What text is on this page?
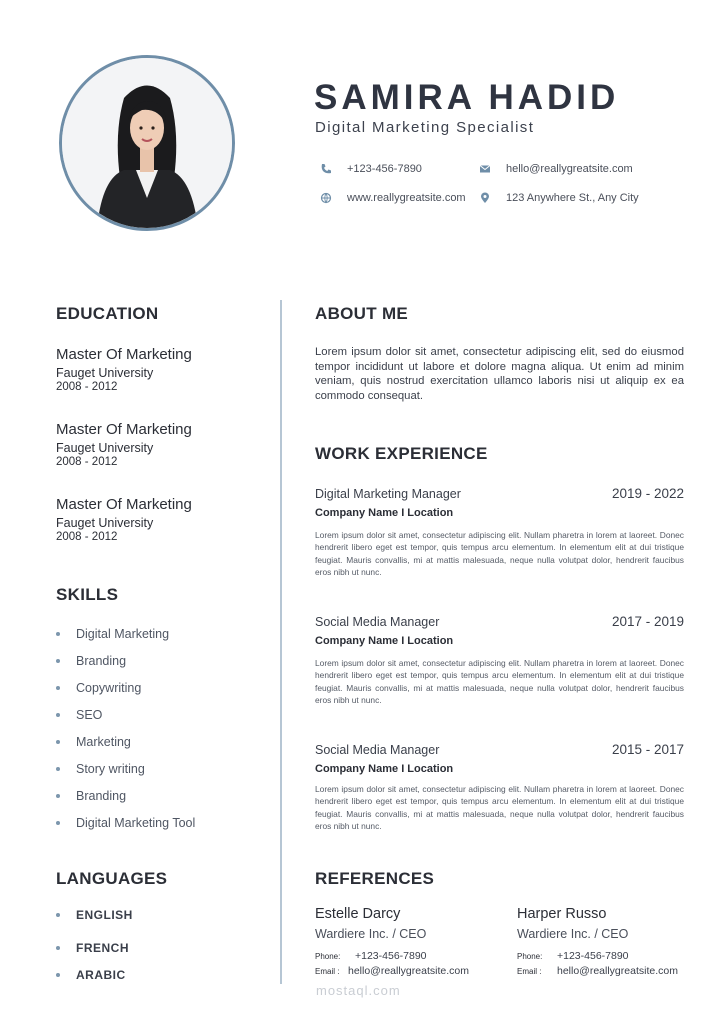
SAMIRA HADID
Digital Marketing Specialist
+123-456-7890	hello@reallygreatsite.com
www.reallygreatsite.com	123 Anywhere St., Any City
EDUCATION
Master Of Marketing
Fauget University
2008 - 2012
Master Of Marketing
Fauget University
2008 - 2012
Master Of Marketing
Fauget University
2008 - 2012
SKILLS
Digital Marketing
Branding
Copywriting
SEO
Marketing
Story writing
Branding
Digital Marketing Tool
LANGUAGES
ENGLISH
FRENCH
ARABIC
ABOUT ME
Lorem ipsum dolor sit amet, consectetur adipiscing elit, sed do eiusmod tempor incididunt ut labore et dolore magna aliqua. Ut enim ad minim veniam, quis nostrud exercitation ullamco laboris nisi ut aliquip ex ea commodo consequat.
WORK EXPERIENCE
Digital Marketing Manager	2019 - 2022
Company Name I Location
Lorem ipsum dolor sit amet, consectetur adipiscing elit. Nullam pharetra in lorem at laoreet. Donec hendrerit libero eget est tempor, quis tempus arcu elementum. In elementum elit at dui tristique feugiat. Mauris convallis, mi at mattis malesuada, neque nulla volutpat dolor, hendrerit faucibus eros nibh ut nunc.
Social Media Manager	2017 - 2019
Company Name I Location
Lorem ipsum dolor sit amet, consectetur adipiscing elit. Nullam pharetra in lorem at laoreet. Donec hendrerit libero eget est tempor, quis tempus arcu elementum. In elementum elit at dui tristique feugiat. Mauris convallis, mi at mattis malesuada, neque nulla volutpat dolor, hendrerit faucibus eros nibh ut nunc.
Social Media Manager	2015 - 2017
Company Name I Location
Lorem ipsum dolor sit amet, consectetur adipiscing elit. Nullam pharetra in lorem at laoreet. Donec hendrerit libero eget est tempor, quis tempus arcu elementum. In elementum elit at dui tristique feugiat. Mauris convallis, mi at mattis malesuada, neque nulla volutpat dolor, hendrerit faucibus eros nibh ut nunc.
REFERENCES
Estelle Darcy
Wardiere Inc. / CEO
Phone: +123-456-7890
Email : hello@reallygreatsite.com
Harper Russo
Wardiere Inc. / CEO
Phone: +123-456-7890
Email : hello@reallygreatsite.com
mostaql.com
